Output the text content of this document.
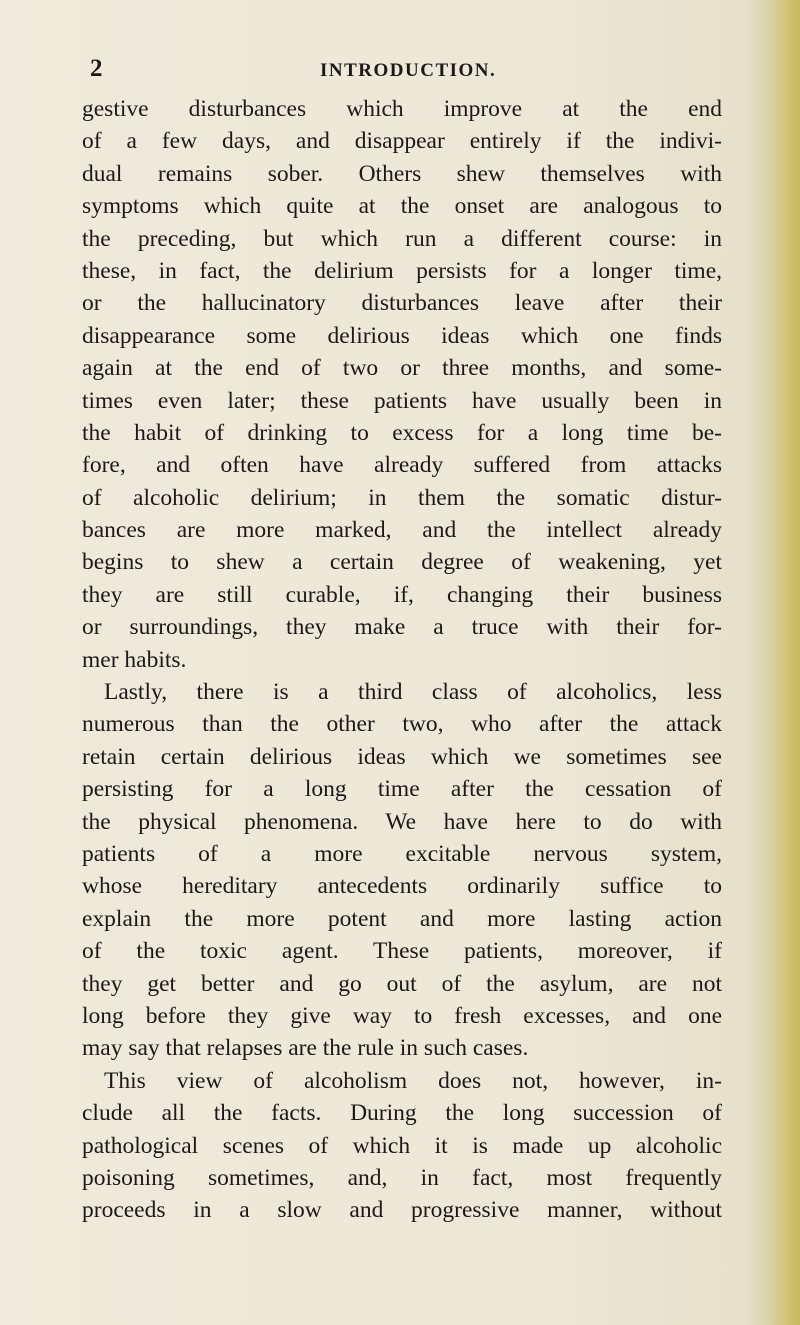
2	INTRODUCTION.
gestive disturbances which improve at the end
of a few days, and disappear entirely if the indivi-
dual remains sober. Others shew themselves with
symptoms which quite at the onset are analogous to
the preceding, but which run a different course: in
these, in fact, the delirium persists for a longer time,
or the hallucinatory disturbances leave after their
disappearance some delirious ideas which one finds
again at the end of two or three months, and some-
times even later; these patients have usually been in
the habit of drinking to excess for a long time be-
fore, and often have already suffered from attacks
of alcoholic delirium; in them the somatic distur-
bances are more marked, and the intellect already
begins to shew a certain degree of weakening, yet
they are still curable, if, changing their business
or surroundings, they make a truce with their for-
mer habits.
Lastly, there is a third class of alcoholics, less
numerous than the other two, who after the attack
retain certain delirious ideas which we sometimes see
persisting for a long time after the cessation of
the physical phenomena. We have here to do with
patients of a more excitable nervous system,
whose hereditary antecedents ordinarily suffice to
explain the more potent and more lasting action
of the toxic agent. These patients, moreover, if
they get better and go out of the asylum, are not
long before they give way to fresh excesses, and one
may say that relapses are the rule in such cases.
This view of alcoholism does not, however, in-
clude all the facts. During the long succession of
pathological scenes of which it is made up alcoholic
poisoning sometimes, and, in fact, most frequently
proceeds in a slow and progressive manner, without
